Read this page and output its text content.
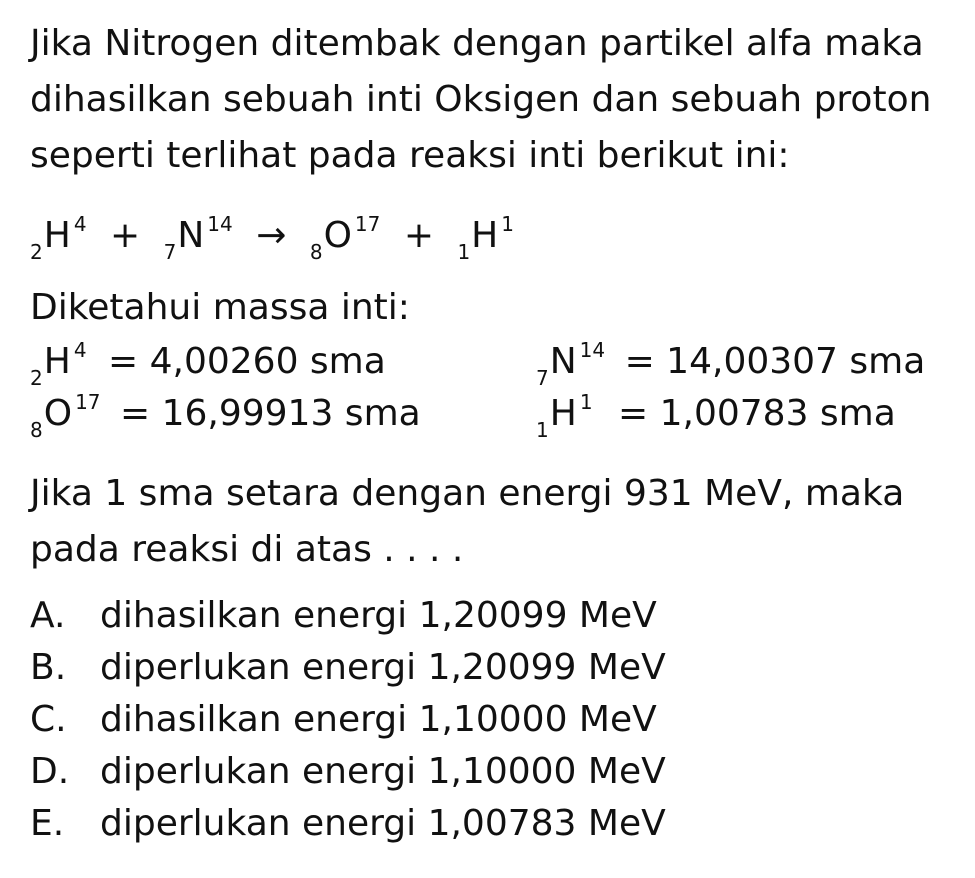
Jika Nitrogen ditembak dengan partikel alfa maka
dihasilkan sebuah inti Oksigen dan sebuah proton
seperti terlihat pada reaksi inti berikut ini:
$_2$H $^4$ + $_7$N $^{14}$ → $_8$O $^{17}$ + $_1$H $^1$
Diketahui massa inti:
$_2$H $^4$ = 4,00260 sma	$_7$N $^{14}$ = 14,00307 sma
$_8$O $^{17}$ = 16,99913 sma	$_1$H $^1$ = 1,00783 sma
Jika 1 sma setara dengan energi 931 MeV, maka
pada reaksi di atas . . . .
A. dihasilkan energi 1,20099 MeV
B. diperlukan energi 1,20099 MeV
C. dihasilkan energi 1,10000 MeV
D. diperlukan energi 1,10000 MeV
E. diperlukan energi 1,00783 MeV
